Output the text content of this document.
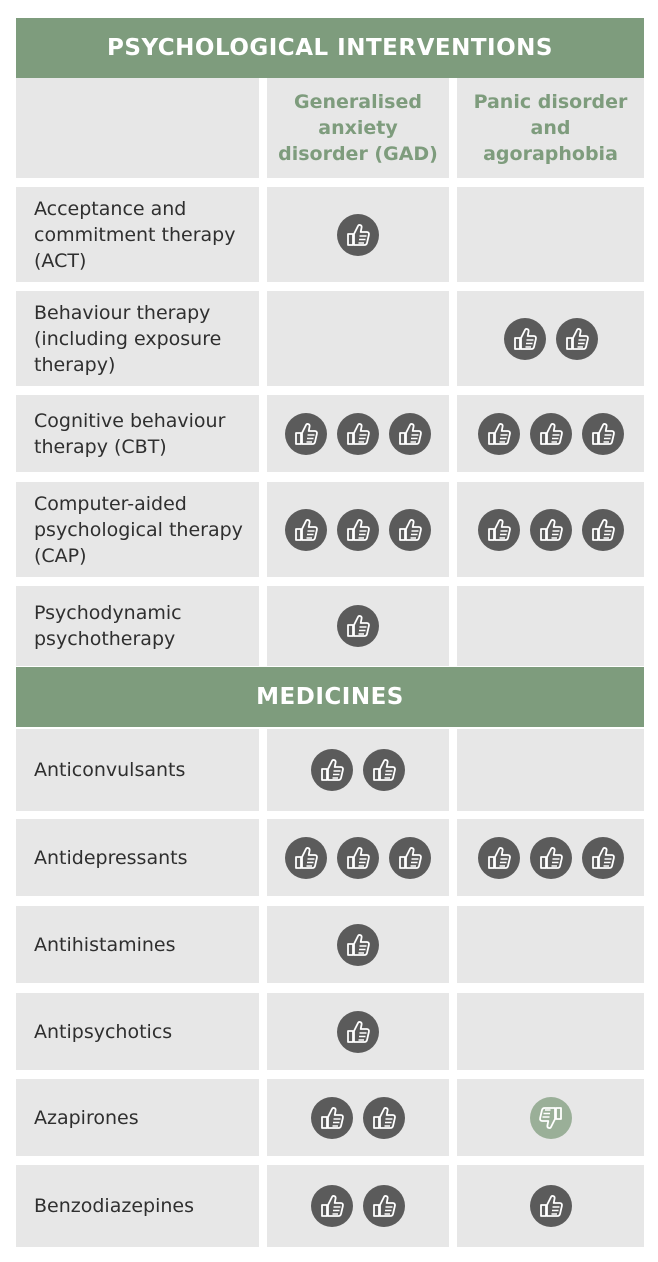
PSYCHOLOGICAL INTERVENTIONS
Generalised anxiety disorder (GAD)
Panic disorder and agoraphobia
MEDICINES
Acceptance and commitment therapy (ACT)
Behaviour therapy (including exposure therapy)
Cognitive behaviour therapy (CBT)
Computer-aided psychological therapy (CAP)
Psychodynamic psychotherapy
Anticonvulsants
Antidepressants
Antihistamines
Antipsychotics
Azapirones
Benzodiazepines
